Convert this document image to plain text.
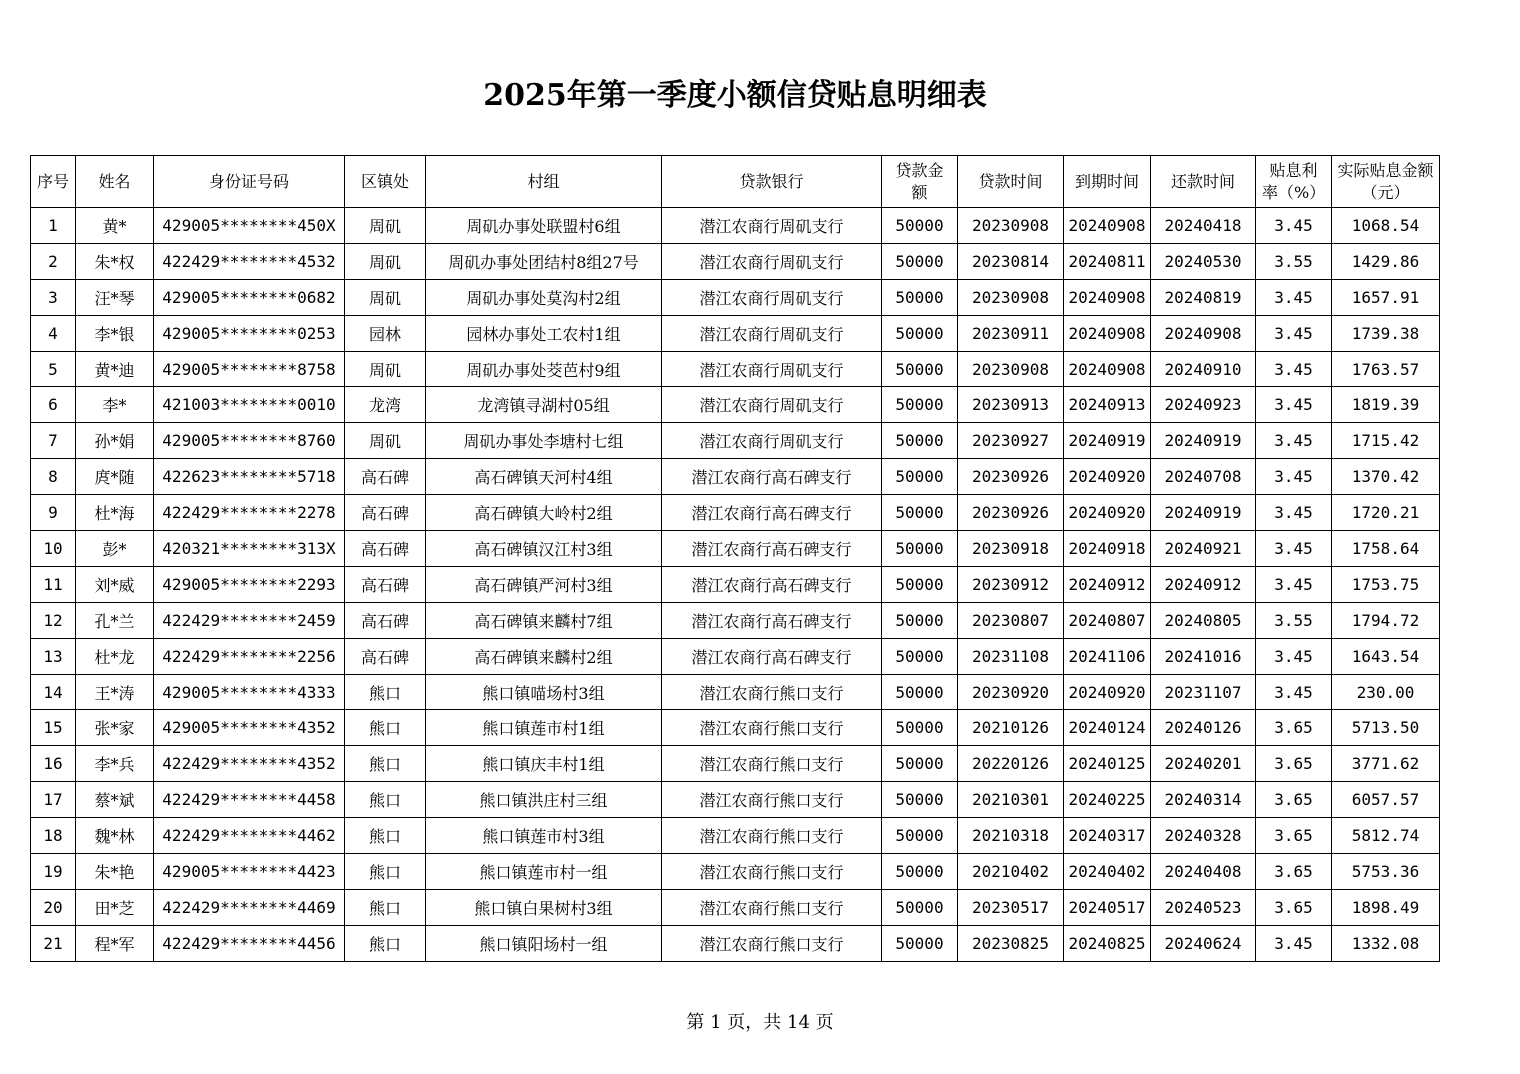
2025年第一季度小额信贷贴息明细表
序号	姓名	身份证号码	区镇处	村组	贷款银行	贷款金额	贷款时间	到期时间	还款时间	贴息利率（%）	实际贴息金额（元）
1	黄*	429005********450X	周矶	周矶办事处联盟村6组	潜江农商行周矶支行	50000	20230908	20240908	20240418	3.45	1068.54
2	朱*权	422429********4532	周矶	周矶办事处团结村8组27号	潜江农商行周矶支行	50000	20230814	20240811	20240530	3.55	1429.86
3	汪*琴	429005********0682	周矶	周矶办事处莫沟村2组	潜江农商行周矶支行	50000	20230908	20240908	20240819	3.45	1657.91
4	李*银	429005********0253	园林	园林办事处工农村1组	潜江农商行周矶支行	50000	20230911	20240908	20240908	3.45	1739.38
5	黄*迪	429005********8758	周矶	周矶办事处茭芭村9组	潜江农商行周矶支行	50000	20230908	20240908	20240910	3.45	1763.57
6	李*	421003********0010	龙湾	龙湾镇寻湖村05组	潜江农商行周矶支行	50000	20230913	20240913	20240923	3.45	1819.39
7	孙*娟	429005********8760	周矶	周矶办事处李塘村七组	潜江农商行周矶支行	50000	20230927	20240919	20240919	3.45	1715.42
8	庹*随	422623********5718	高石碑	高石碑镇天河村4组	潜江农商行高石碑支行	50000	20230926	20240920	20240708	3.45	1370.42
9	杜*海	422429********2278	高石碑	高石碑镇大岭村2组	潜江农商行高石碑支行	50000	20230926	20240920	20240919	3.45	1720.21
10	彭*	420321********313X	高石碑	高石碑镇汉江村3组	潜江农商行高石碑支行	50000	20230918	20240918	20240921	3.45	1758.64
11	刘*威	429005********2293	高石碑	高石碑镇严河村3组	潜江农商行高石碑支行	50000	20230912	20240912	20240912	3.45	1753.75
12	孔*兰	422429********2459	高石碑	高石碑镇来麟村7组	潜江农商行高石碑支行	50000	20230807	20240807	20240805	3.55	1794.72
13	杜*龙	422429********2256	高石碑	高石碑镇来麟村2组	潜江农商行高石碑支行	50000	20231108	20241106	20241016	3.45	1643.54
14	王*涛	429005********4333	熊口	熊口镇喵场村3组	潜江农商行熊口支行	50000	20230920	20240920	20231107	3.45	230.00
15	张*家	429005********4352	熊口	熊口镇莲市村1组	潜江农商行熊口支行	50000	20210126	20240124	20240126	3.65	5713.50
16	李*兵	422429********4352	熊口	熊口镇庆丰村1组	潜江农商行熊口支行	50000	20220126	20240125	20240201	3.65	3771.62
17	蔡*斌	422429********4458	熊口	熊口镇洪庄村三组	潜江农商行熊口支行	50000	20210301	20240225	20240314	3.65	6057.57
18	魏*林	422429********4462	熊口	熊口镇莲市村3组	潜江农商行熊口支行	50000	20210318	20240317	20240328	3.65	5812.74
19	朱*艳	429005********4423	熊口	熊口镇莲市村一组	潜江农商行熊口支行	50000	20210402	20240402	20240408	3.65	5753.36
20	田*芝	422429********4469	熊口	熊口镇白果树村3组	潜江农商行熊口支行	50000	20230517	20240517	20240523	3.65	1898.49
21	程*军	422429********4456	熊口	熊口镇阳场村一组	潜江农商行熊口支行	50000	20230825	20240825	20240624	3.45	1332.08
第 1 页，共 14 页
